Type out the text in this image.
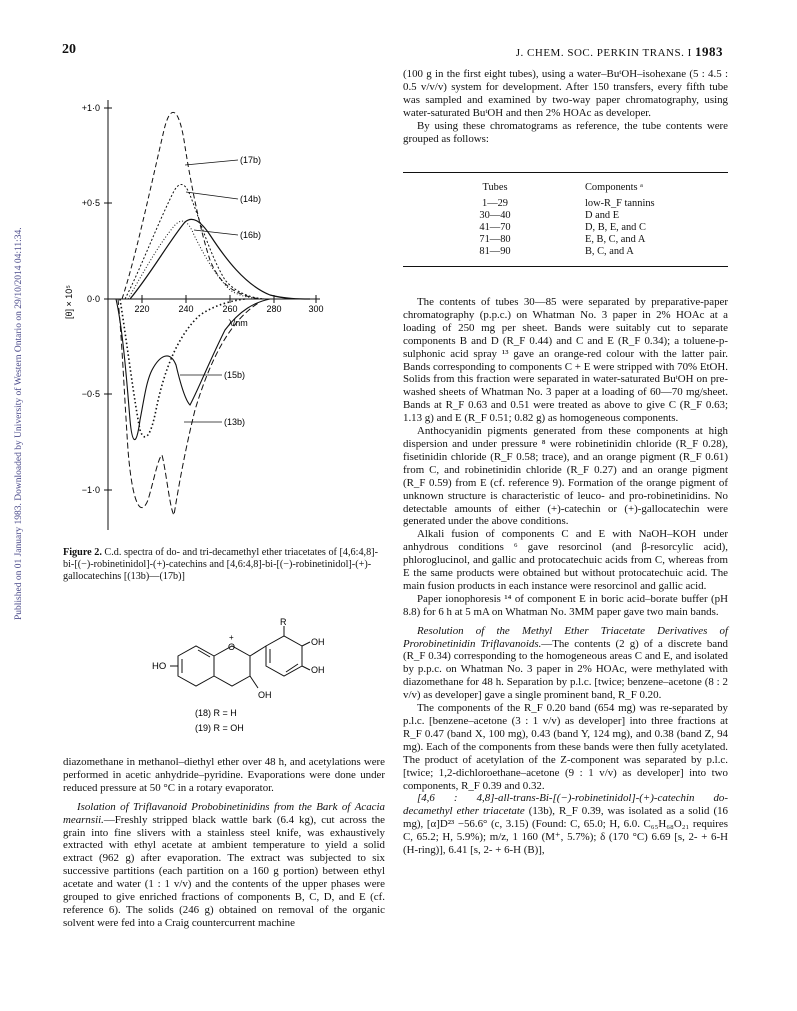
20	J. CHEM. SOC. PERKIN TRANS. I 1983
Published on 01 January 1983. Downloaded by University of Western Ontario on 29/10/2014 04:11:34.
+1·0
+0·5
0·0
−0·5
−1·0
[θ] × 10⁵	220	240	260	280	300
λ/nm
(17b)
(14b)
(16b)
(15b)
(13b)
Figure 2. C.d. spectra of do- and tri-decamethyl ether triacetates of [4,6:4,8]-bi-[(−)-robinetinidol]-(+)-catechins and [4,6:4,8]-bi-[(−)-robinetinidol]-(+)-gallocatechins [(13b)—(17b)]
R
HO
O
+	OH
OH
OH
(18) R = H
(19) R = OH

diazomethane in methanol–diethyl ether over 48 h, and acetylations were performed in acetic anhydride–pyridine. Evaporations were done under reduced pressure at 50 °C in a rotary evaporator.

Isolation of Triflavanoid Probobinetinidins from the Bark of Acacia mearnsii.—Freshly stripped black wattle bark (6.4 kg), cut across the grain into fine slivers with a stainless steel knife, was exhaustively extracted with ethyl acetate at ambient temperature to yield a solid extract (962 g) after evaporation. The extract was subjected to six successive partitions (each partition on a 160 g portion) between ethyl acetate and water (1 : 1 v/v) and the contents of the upper phases were grouped to give enriched fractions of components B, C, D, and E (cf. reference 6). The solids (246 g) obtained on removal of the organic solvent were fed into a Craig countercurrent machine

(100 g in the first eight tubes), using a water–BuᵗOH–isohexane (5 : 4.5 : 0.5 v/v/v) system for development. After 150 transfers, every fifth tube was sampled and examined by two-way paper chromatography, using water-saturated BuᵗOH and then 2% HOAc as developer.

By using these chromatograms as reference, the tube contents were grouped as follows:

Tubes	Components ᵃ
1—29	low-R_F tannins
30—40	D and E
41—70	D, B, E, and C
71—80	E, B, C, and A
81—90	B, C, and A

The contents of tubes 30—85 were separated by preparative-paper chromatography (p.p.c.) on Whatman No. 3 paper in 2% HOAc at a loading of 250 mg per sheet. Bands were suitably cut to separate components B and D (R_F 0.44) and C and E (R_F 0.34); a toluene-p-sulphonic acid spray ¹³ gave an orange-red colour with the latter pair. Bands corresponding to components C + E were stripped with 70% EtOH. Solids from this fraction were separated in water-saturated BuᵗOH on pre-washed sheets of Whatman No. 3 paper at a loading of 60—70 mg/sheet. Bands at R_F 0.63 and 0.51 were treated as above to give C (R_F 0.63; 1.13 g) and E (R_F 0.51; 0.82 g) as homogeneous components.

Anthocyanidin pigments generated from these components at high dispersion and under pressure ⁸ were robinetinidin chloride (R_F 0.28), fisetinidin chloride (R_F 0.58; trace), and an orange pigment (R_F 0.61) from C, and robinetinidin chloride (R_F 0.27) and an orange pigment (R_F 0.59) from E (cf. reference 9). Formation of the orange pigment of unknown structure is characteristic of leuco- and pro-robinetinidins. No detectable amounts of either (+)-catechin or (+)-gallocatechin were generated under the above conditions.

Alkali fusion of components C and E with NaOH–KOH under anhydrous conditions ⁶ gave resorcinol (and β-resorcylic acid), phloroglucinol, and gallic and protocatechuic acids from C, whereas from E the same products were obtained but without protocatechuic acid. The main fusion products in each instance were resorcinol and gallic acid.

Paper ionophoresis ¹⁴ of component E in boric acid–borate buffer (pH 8.8) for 6 h at 5 mA on Whatman No. 3MM paper gave two main bands.

Resolution of the Methyl Ether Triacetate Derivatives of Prorobinetinidin Triflavanoids.—The contents (2 g) of a discrete band (R_F 0.34) corresponding to the homogeneous areas C and E, and isolated by p.p.c. on Whatman No. 3 paper in 2% HOAc, were methylated with diazomethane for 48 h. Separation by p.l.c. [twice; benzene–acetone (8 : 2 v/v) as developer] gave a single prominent band, R_F 0.20.

The components of the R_F 0.20 band (654 mg) was re-separated by p.l.c. [benzene–acetone (3 : 1 v/v) as developer] into three fractions at R_F 0.47 (band X, 100 mg), 0.43 (band Y, 124 mg), and 0.38 (band Z, 94 mg). Each of the components from these bands were then fully acetylated. The product of acetylation of the Z-component was separated by p.l.c. [twice; 1,2-dichloroethane–acetone (9 : 1 v/v) as developer] into two components, R_F 0.39 and 0.32.

[4,6 : 4,8]-all-trans-Bi-[(−)-robinetinidol]-(+)-catechin do-decamethyl ether triacetate (13b), R_F 0.39, was isolated as a solid (16 mg), [α]D²³ −56.6° (c, 3.15) (Found: C, 65.0; H, 6.0. C₆₅H₆₈O₂₁ requires C, 65.2; H, 5.9%); m/z, 1 160 (M⁺, 5.7%); δ (170 °C) 6.69 [s, 2- + 6-H (H-ring)], 6.41 [s, 2- + 6-H (B)],
